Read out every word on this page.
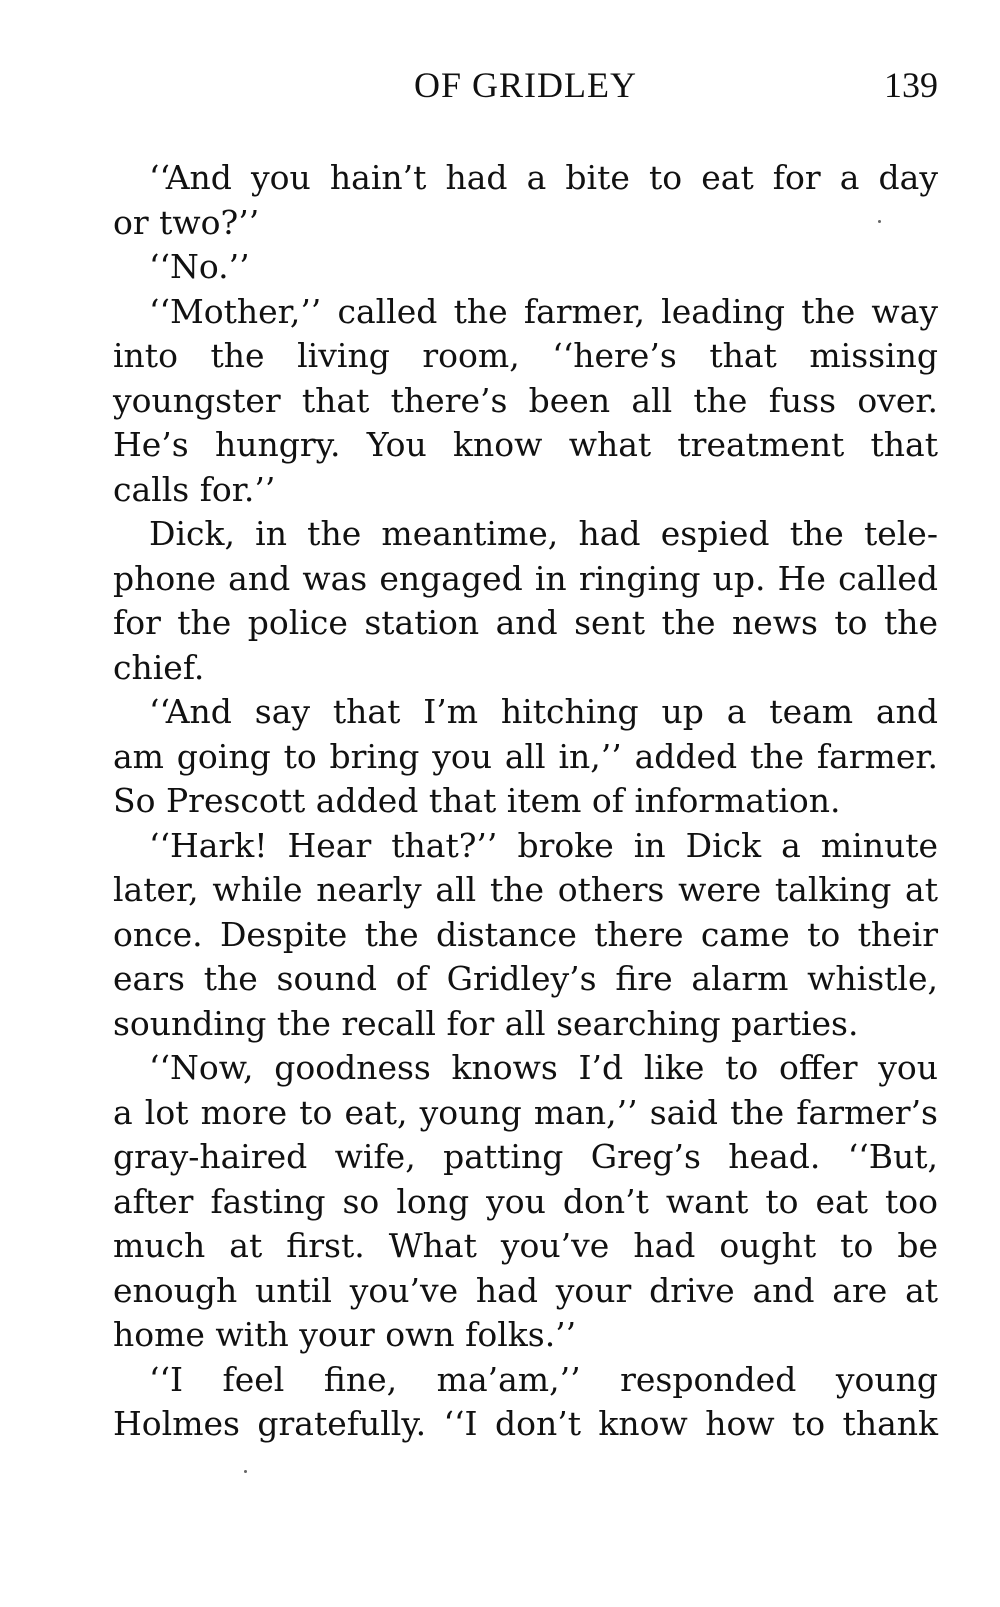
OF GRIDLEY	139
‘‘And you hain’t had a bite to eat for a day
or two?’’
‘‘No.’’
‘‘Mother,’’ called the farmer, leading the way
into the living room, ‘‘here’s that missing
youngster that there’s been all the fuss over.
He’s hungry. You know what treatment that
calls for.’’
Dick, in the meantime, had espied the tele-
phone and was engaged in ringing up. He called
for the police station and sent the news to the
chief.
‘‘And say that I’m hitching up a team and
am going to bring you all in,’’ added the farmer.
So Prescott added that item of information.
‘‘Hark! Hear that?’’ broke in Dick a minute
later, while nearly all the others were talking at
once. Despite the distance there came to their
ears the sound of Gridley’s fire alarm whistle,
sounding the recall for all searching parties.
‘‘Now, goodness knows I’d like to offer you
a lot more to eat, young man,’’ said the farmer’s
gray-haired wife, patting Greg’s head. ‘‘But,
after fasting so long you don’t want to eat too
much at first. What you’ve had ought to be
enough until you’ve had your drive and are at
home with your own folks.’’
‘‘I feel fine, ma’am,’’ responded young
Holmes gratefully. ‘‘I don’t know how to thank
